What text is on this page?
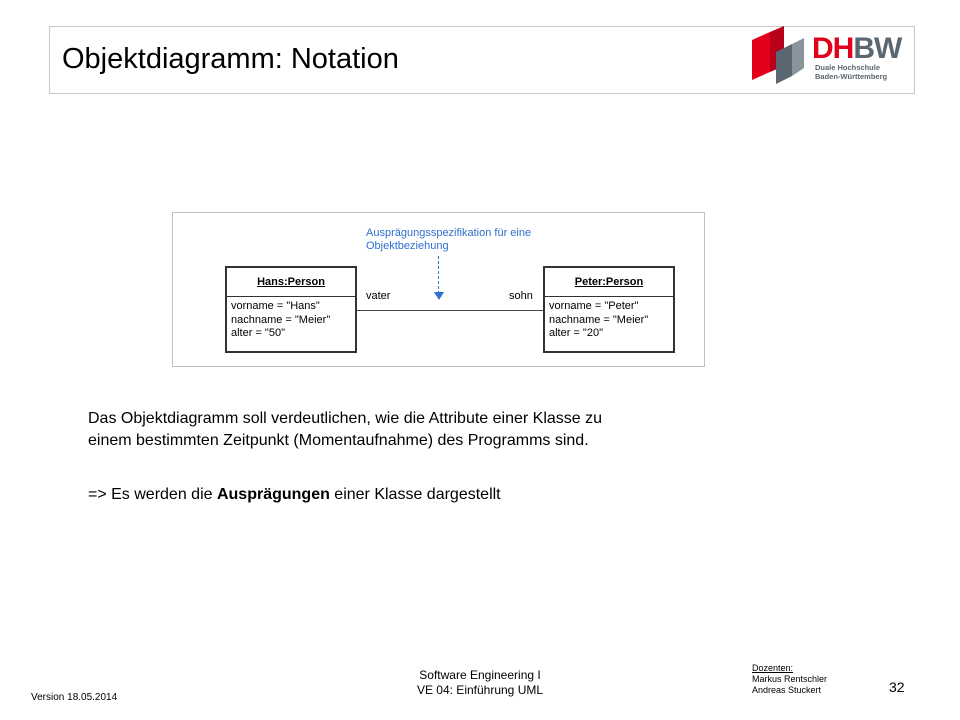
Objektdiagramm: Notation	DHBW
Duale Hochschule
Baden-Württemberg
Ausprägungsspezifikation für eine
Objektbeziehung
Hans:Person
vorname = "Hans"
nachname = "Meier"
alter = "50"
vater	sohn
Peter:Person
vorname = "Peter"
nachname = "Meier"
alter = "20"

Das Objektdiagramm soll verdeutlichen, wie die Attribute einer Klasse zu

einem bestimmten Zeitpunkt (Momentaufnahme) des Programms sind.

=> Es werden die Ausprägungen einer Klasse dargestellt
Version 18.05.2014
Software Engineering I
VE 04: Einführung UML
Dozenten:
Markus Rentschler
Andreas Stuckert	32
